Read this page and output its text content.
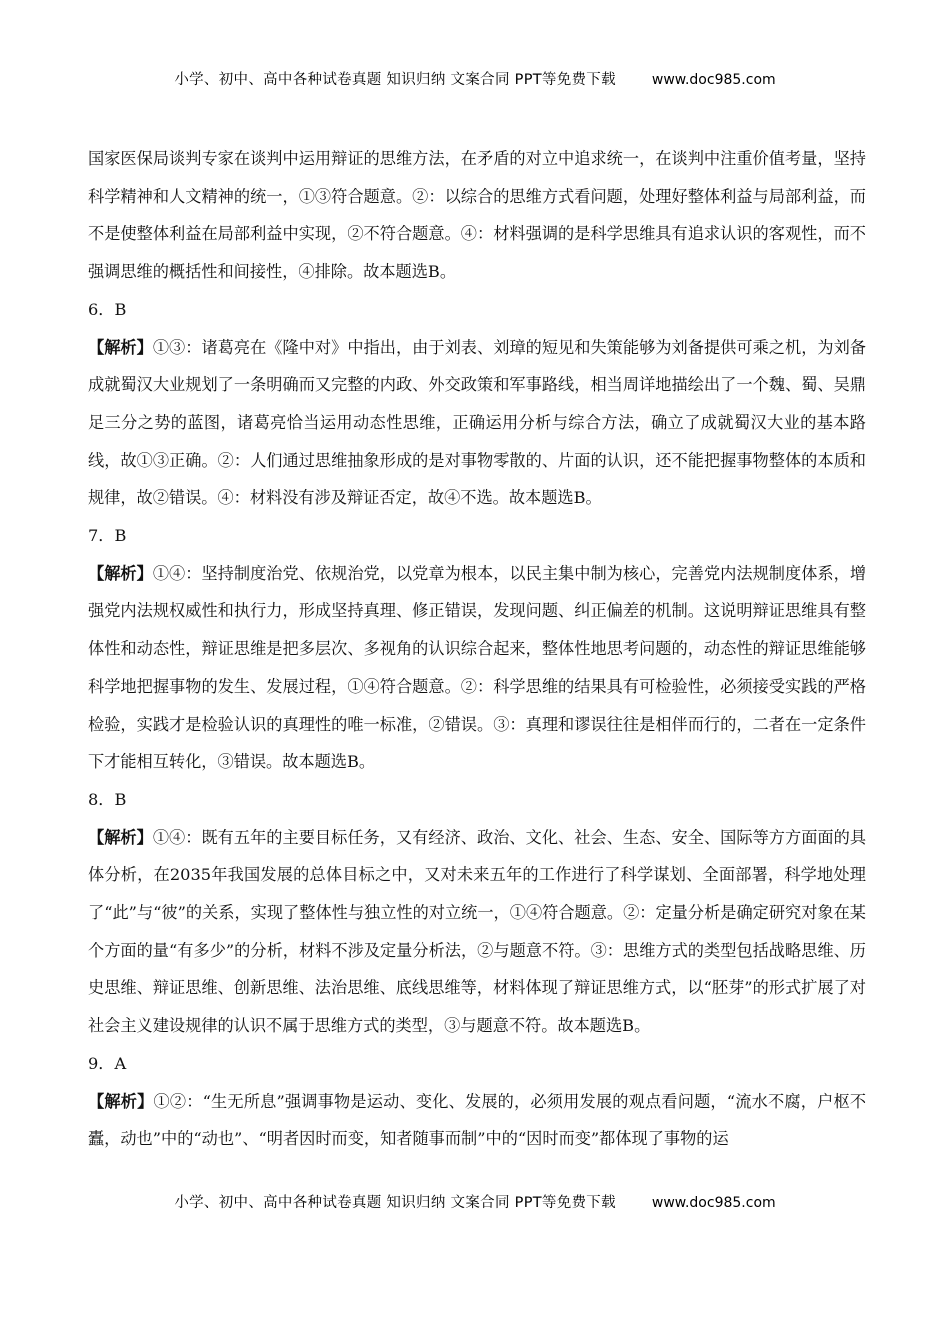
小学、初中、高中各种试卷真题 知识归纳 文案合同 PPT等免费下载	www.doc985.com

国家医保局谈判专家在谈判中运用辩证的思维方法，在矛盾的对立中追求统一，在谈判中注重价值考量，坚持科学精神和人文精神的统一，①③符合题意。②：以综合的思维方式看问题，处理好整体利益与局部利益，而不是使整体利益在局部利益中实现，②不符合题意。④：材料强调的是科学思维具有追求认识的客观性，而不强调思维的概括性和间接性，④排除。故本题选B。

6．B

【解析】①③：诸葛亮在《隆中对》中指出，由于刘表、刘璋的短见和失策能够为刘备提供可乘之机，为刘备成就蜀汉大业规划了一条明确而又完整的内政、外交政策和军事路线，相当周详地描绘出了一个魏、蜀、吴鼎足三分之势的蓝图，诸葛亮恰当运用动态性思维，正确运用分析与综合方法，确立了成就蜀汉大业的基本路线，故①③正确。②：人们通过思维抽象形成的是对事物零散的、片面的认识，还不能把握事物整体的本质和规律，故②错误。④：材料没有涉及辩证否定，故④不选。故本题选B。

7．B

【解析】①④：坚持制度治党、依规治党，以党章为根本，以民主集中制为核心，完善党内法规制度体系，增强党内法规权威性和执行力，形成坚持真理、修正错误，发现问题、纠正偏差的机制。这说明辩证思维具有整体性和动态性，辩证思维是把多层次、多视角的认识综合起来，整体性地思考问题的，动态性的辩证思维能够科学地把握事物的发生、发展过程，①④符合题意。②：科学思维的结果具有可检验性，必须接受实践的严格检验，实践才是检验认识的真理性的唯一标准，②错误。③：真理和谬误往往是相伴而行的，二者在一定条件下才能相互转化，③错误。故本题选B。

8．B

【解析】①④：既有五年的主要目标任务，又有经济、政治、文化、社会、生态、安全、国际等方方面面的具体分析，在2035年我国发展的总体目标之中，又对未来五年的工作进行了科学谋划、全面部署，科学地处理了“此”与“彼”的关系，实现了整体性与独立性的对立统一，①④符合题意。②：定量分析是确定研究对象在某个方面的量“有多少”的分析，材料不涉及定量分析法，②与题意不符。③：思维方式的类型包括战略思维、历史思维、辩证思维、创新思维、法治思维、底线思维等，材料体现了辩证思维方式，以“胚芽”的形式扩展了对社会主义建设规律的认识不属于思维方式的类型，③与题意不符。故本题选B。

9．A

【解析】①②：“生无所息”强调事物是运动、变化、发展的，必须用发展的观点看问题，“流水不腐，户枢不蠹，动也”中的“动也”、“明者因时而变，知者随事而制”中的“因时而变”都体现了事物的运

小学、初中、高中各种试卷真题 知识归纳 文案合同 PPT等免费下载	www.doc985.com
